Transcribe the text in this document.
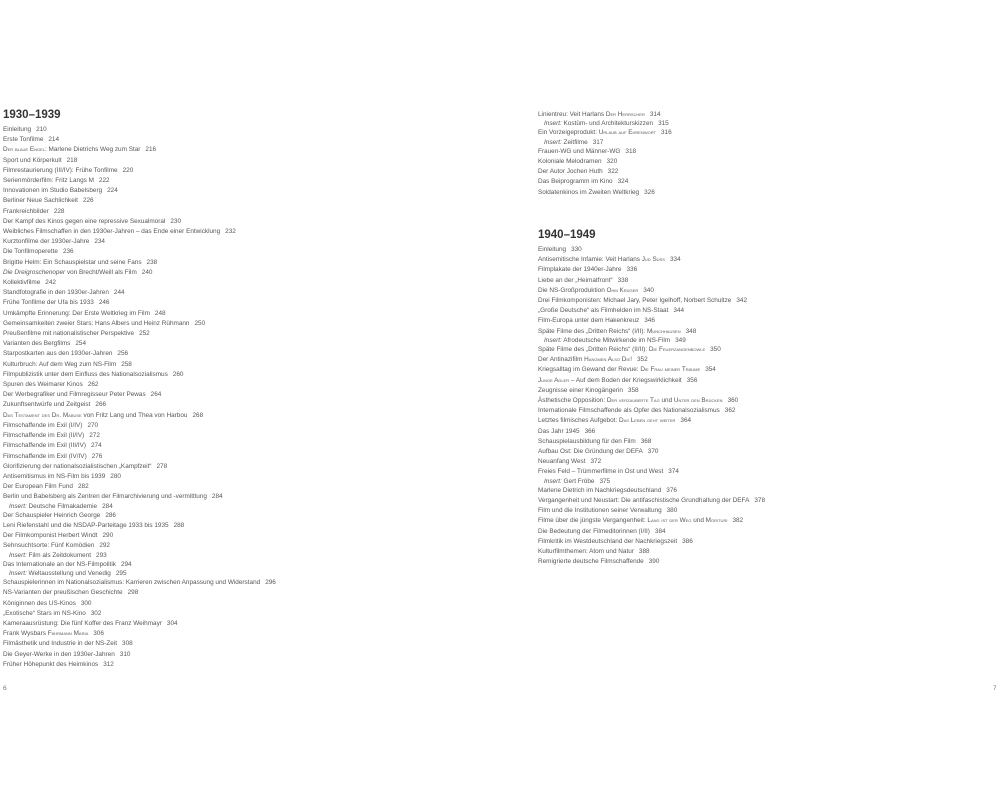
1930–1939
Einleitung 210
Erste Tonfilme 214
Der blaue Engel: Marlene Dietrichs Weg zum Star 216
Sport und Körperkult 218
Filmrestaurierung (III/IV): Frühe Tonfilme 220
Serienmörderfilm: Fritz Langs M 222
Innovationen im Studio Babelsberg 224
Berliner Neue Sachlichkeit 226
Frankreichbilder 228
Der Kampf des Kinos gegen eine repressive Sexualmoral 230
Weibliches Filmschaffen in den 1930er-Jahren – das Ende einer Entwicklung 232
Kurztonfilme der 1930er-Jahre 234
Die Tonfilmoperette 236
Brigitte Helm: Ein Schauspielstar und seine Fans 238
Die Dreigroschenoper von Brecht/Weill als Film 240
Kollektivfilme 242
Standfotografie in den 1930er-Jahren 244
Frühe Tonfilme der Ufa bis 1933 246
Umkämpfte Erinnerung: Der Erste Weltkrieg im Film 248
Gemeinsamkeiten zweier Stars: Hans Albers und Heinz Rühmann 250
Preußenfilme mit nationalistischer Perspektive 252
Varianten des Bergfilms 254
Starpostkarten aus den 1930er-Jahren 256
Kulturbruch: Auf dem Weg zum NS-Film 258
Filmpublizistik unter dem Einfluss des Nationalsozialismus 260
Spuren des Weimarer Kinos 262
Der Werbegrafiker und Filmregisseur Peter Pewas 264
Zukunftsentwürfe und Zeitgeist 266
Das Testament des Dr. Mabuse von Fritz Lang und Thea von Harbou 268
Filmschaffende im Exil (I/IV) 270
Filmschaffende im Exil (II/IV) 272
Filmschaffende im Exil (III/IV) 274
Filmschaffende im Exil (IV/IV) 276
Glorifizierung der nationalsozialistischen „Kampfzeit“ 278
Antisemitismus im NS-Film bis 1939 280
Der European Film Fund 282
Berlin und Babelsberg als Zentren der Filmarchivierung und -vermittlung 284
Insert: Deutsche Filmakademie 284
Der Schauspieler Heinrich George 286
Leni Riefenstahl und die NSDAP-Parteitage 1933 bis 1935 288
Der Filmkomponist Herbert Windt 290
Sehnsuchtsorte: Fünf Komödien 292
Insert: Film als Zeitdokument 293
Das Internationale an der NS-Filmpolitik 294
Insert: Weltausstellung und Venedig 295
Schauspielerinnen im Nationalsozialismus: Karrieren zwischen Anpassung und Widerstand 296
NS-Varianten der preußischen Geschichte 298
Königinnen des US-Kinos 300
„Exotische“ Stars im NS-Kino 302
Kameraausrüstung: Die fünf Koffer des Franz Weihmayr 304
Frank Wysbars Fährmann Maria 306
Filmästhetik und Industrie in der NS-Zeit 308
Die Geyer-Werke in den 1930er-Jahren 310
Früher Höhepunkt des Heimkinos 312
6
Linientreu: Veit Harlans Der Herrscher 314
Insert: Kostüm- und Architekturskizzen 315
Ein Vorzeigeprodukt: Urlaub auf Ehrenwort 316
Insert: Zeitfilme 317
Frauen-WG und Männer-WG 318
Koloniale Melodramen 320
Der Autor Jochen Huth 322
Das Beiprogramm im Kino 324
Soldatenkinos im Zweiten Weltkrieg 326
1940–1949
Einleitung 330
Antisemitische Infamie: Veit Harlans Jud Süss 334
Filmplakate der 1940er-Jahre 336
Liebe an der „Heimatfront“ 338
Die NS-Großproduktion Ohm Krüger 340
Drei Filmkomponisten: Michael Jary, Peter Igelhoff, Norbert Schultze 342
„Große Deutsche“ als Filmhelden im NS-Staat 344
Film-Europa unter dem Hakenkreuz 346
Späte Filme des „Dritten Reichs“ (I/II): Münchhausen 348
Insert: Afrodeutsche Mitwirkende im NS-Film 349
Späte Filme des „Dritten Reichs“ (II/II): Die Feuerzangenbowle 350
Der Antinazifilm Hangmen Also Die! 352
Kriegsalltag im Gewand der Revue: Die Frau meiner Träume 354
Junge Adler – Auf dem Boden der Kriegswirklichkeit 356
Zeugnisse einer Kinogängerin 358
Ästhetische Opposition: Der verzauberte Tag und Unter den Brücken 360
Internationale Filmschaffende als Opfer des Nationalsozialismus 362
Letztes filmisches Aufgebot: Das Leben geht weiter 364
Das Jahr 1945 366
Schauspielausbildung für den Film 368
Aufbau Ost: Die Gründung der DEFA 370
Neuanfang West 372
Freies Feld – Trümmerfilme in Ost und West 374
Insert: Gert Fröbe 375
Marlene Dietrich im Nachkriegsdeutschland 376
Vergangenheit und Neustart: Die antifaschistische Grundhaltung der DEFA 378
Film und die Institutionen seiner Verwaltung 380
Filme über die jüngste Vergangenheit: Lang ist der Weg und Morituri 382
Die Bedeutung der Filmeditorinnen (I/II) 384
Filmkritik im Westdeutschland der Nachkriegszeit 386
Kulturfilmthemen: Atom und Natur 388
Remigrierte deutsche Filmschaffende 390
7
